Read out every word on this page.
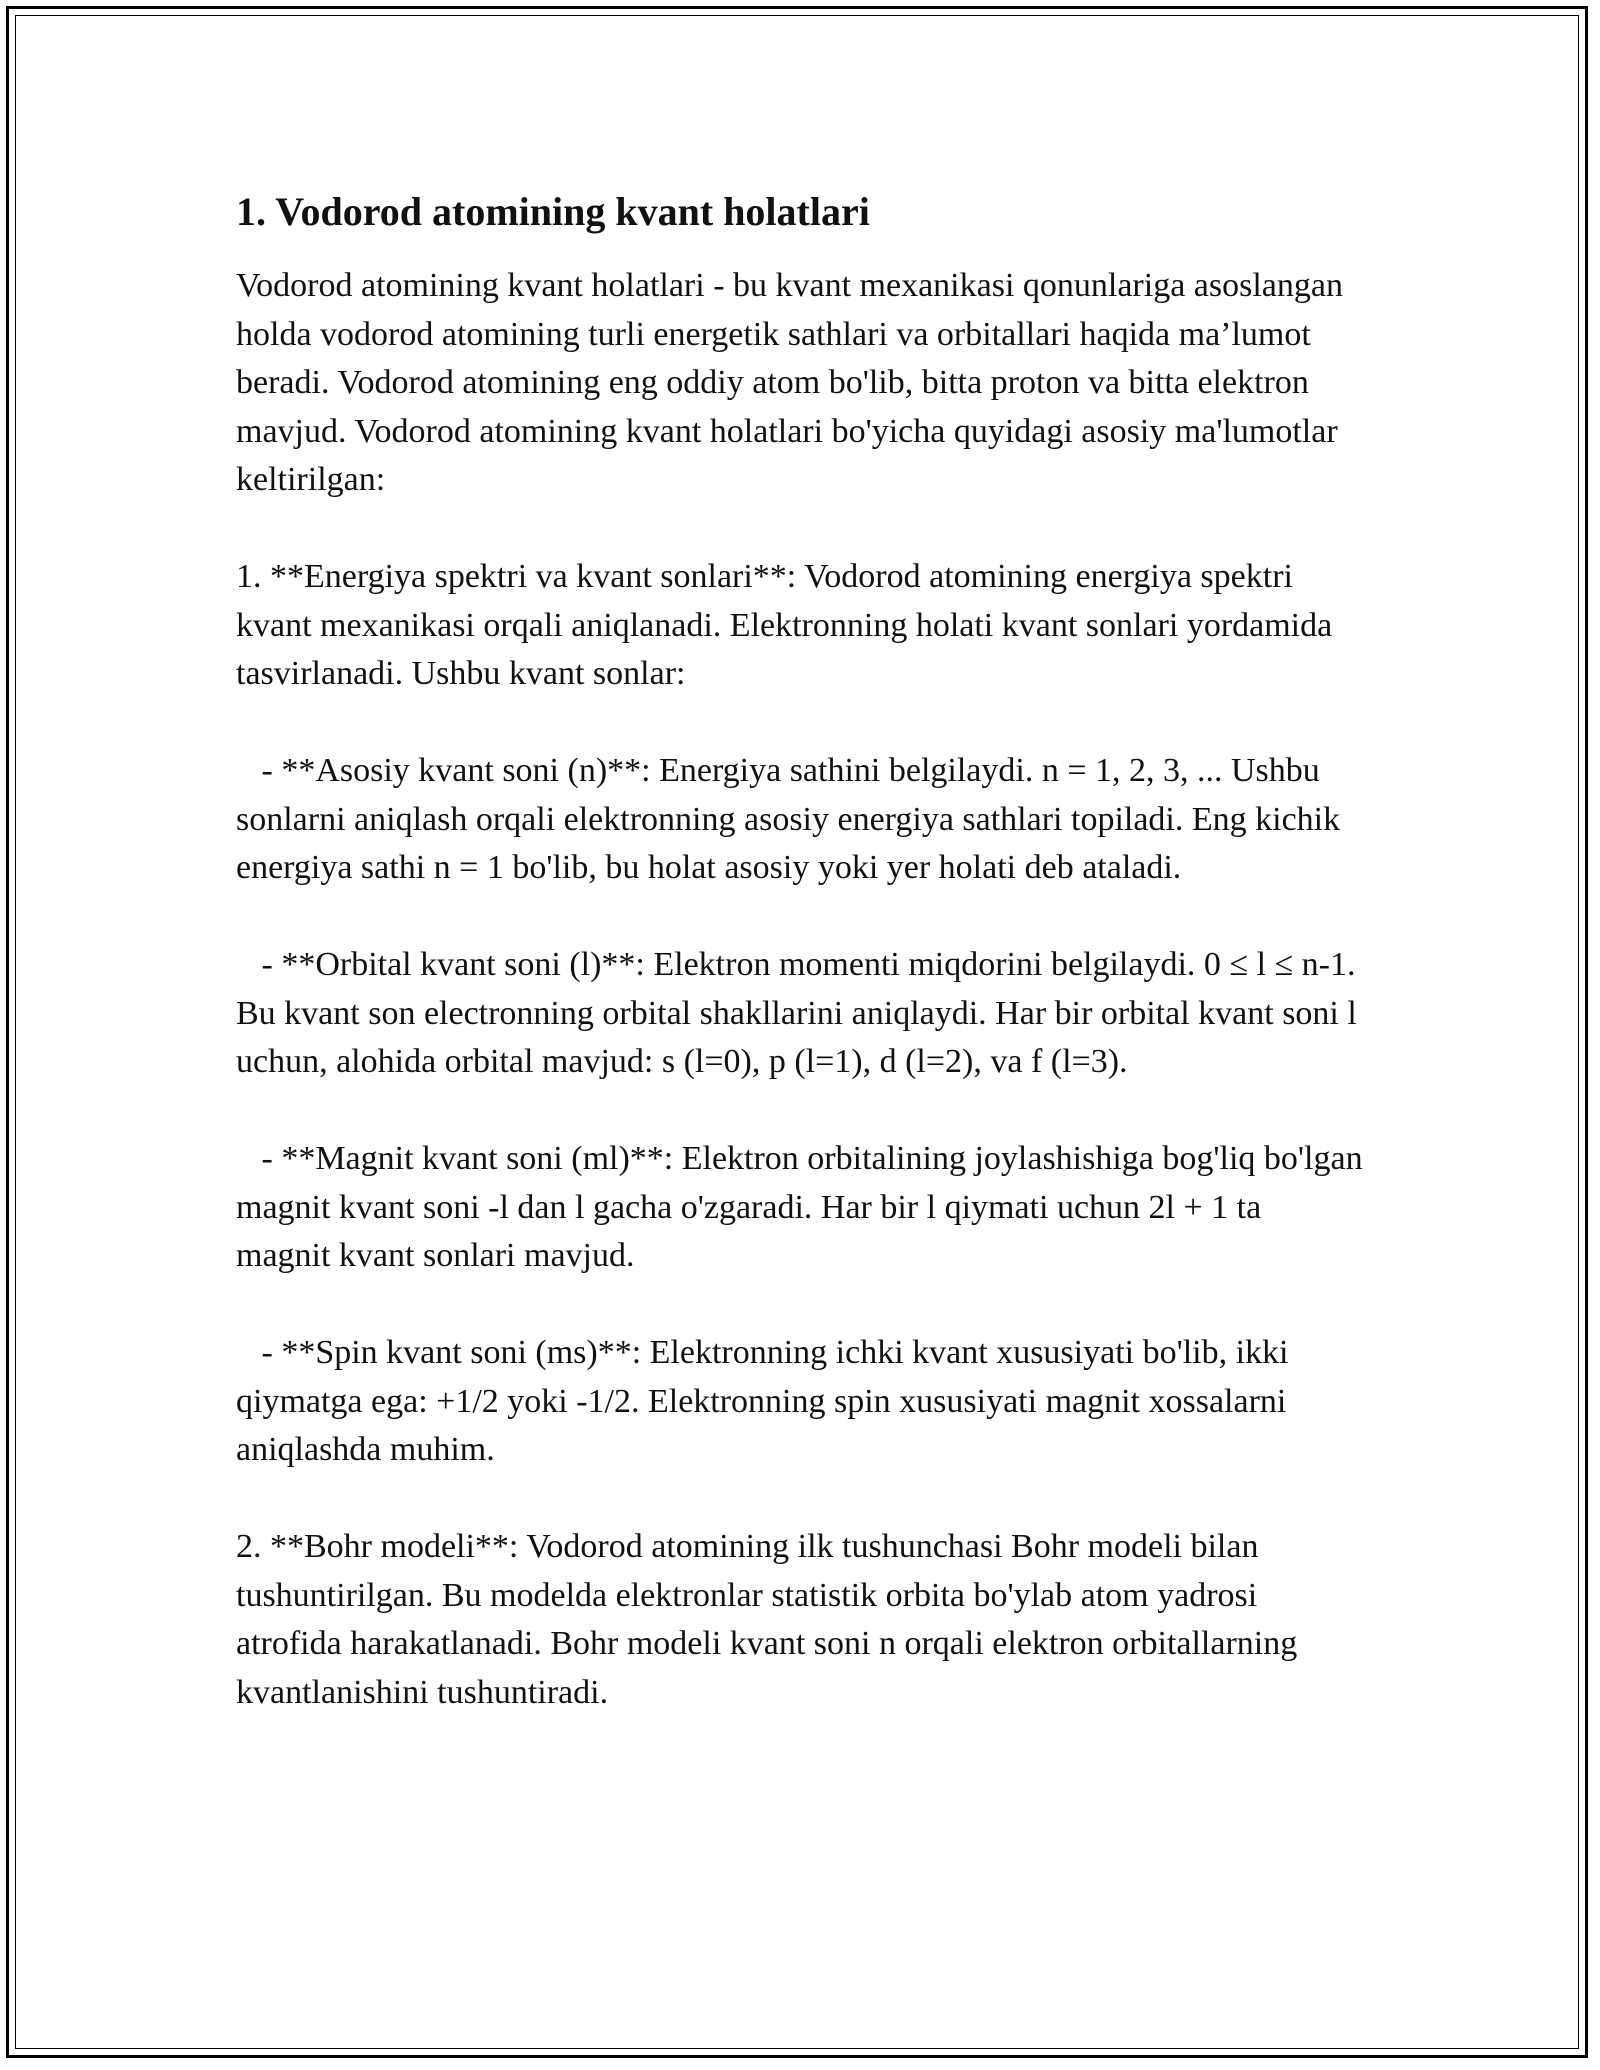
1. Vodorod atomining kvant holatlari

Vodorod atomining kvant holatlari - bu kvant mexanikasi qonunlariga asoslangan holda vodorod atomining turli energetik sathlari va orbitallari haqida ma’lumot beradi. Vodorod atomining eng oddiy atom bo'lib, bitta proton va bitta elektron mavjud. Vodorod atomining kvant holatlari bo'yicha quyidagi asosiy ma'lumotlar keltirilgan:

1. **Energiya spektri va kvant sonlari**: Vodorod atomining energiya spektri kvant mexanikasi orqali aniqlanadi. Elektronning holati kvant sonlari yordamida tasvirlanadi. Ushbu kvant sonlar:

- **Asosiy kvant soni (n)**: Energiya sathini belgilaydi. n = 1, 2, 3, ... Ushbu sonlarni aniqlash orqali elektronning asosiy energiya sathlari topiladi. Eng kichik energiya sathi n = 1 bo'lib, bu holat asosiy yoki yer holati deb ataladi.

- **Orbital kvant soni (l)**: Elektron momenti miqdorini belgilaydi. 0 ≤ l ≤ n-1. Bu kvant son electronning orbital shakllarini aniqlaydi. Har bir orbital kvant soni l uchun, alohida orbital mavjud: s (l=0), p (l=1), d (l=2), va f (l=3).

- **Magnit kvant soni (ml)**: Elektron orbitalining joylashishiga bog'liq bo'lgan magnit kvant soni -l dan l gacha o'zgaradi. Har bir l qiymati uchun 2l + 1 ta magnit kvant sonlari mavjud.

- **Spin kvant soni (ms)**: Elektronning ichki kvant xususiyati bo'lib, ikki qiymatga ega: +1/2 yoki -1/2. Elektronning spin xususiyati magnit xossalarni aniqlashda muhim.

2. **Bohr modeli**: Vodorod atomining ilk tushunchasi Bohr modeli bilan tushuntirilgan. Bu modelda elektronlar statistik orbita bo'ylab atom yadrosi atrofida harakatlanadi. Bohr modeli kvant soni n orqali elektron orbitallarning kvantlanishini tushuntiradi.
